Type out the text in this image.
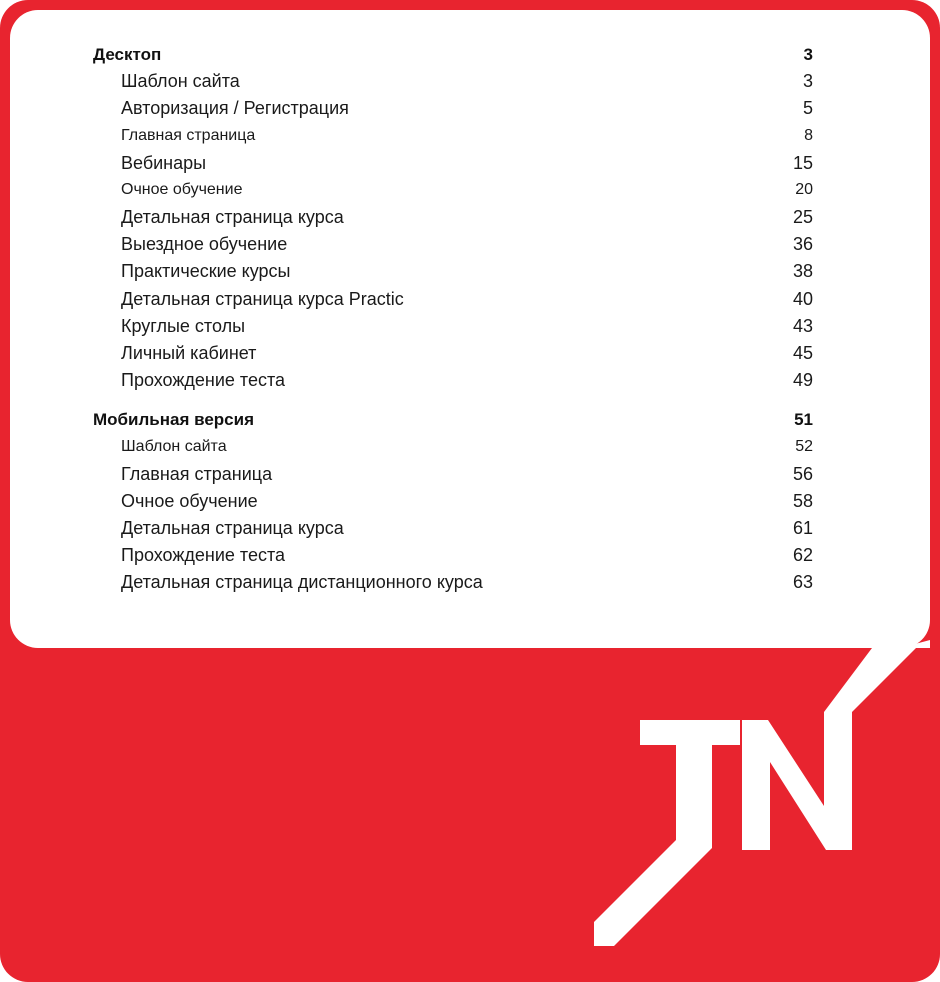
Десктоп	3
Шаблон сайта	3
Авторизация / Регистрация	5
Главная страница	8
Вебинары	15
Очное обучение	20
Детальная страница курса	25
Выездное обучение	36
Практические курсы	38
Детальная страница курса Practic	40
Круглые столы	43
Личный кабинет	45
Прохождение теста	49
Мобильная версия	51
Шаблон сайта	52
Главная страница	56
Очное обучение	58
Детальная страница курса	61
Прохождение теста	62
Детальная страница дистанционного курса	63
